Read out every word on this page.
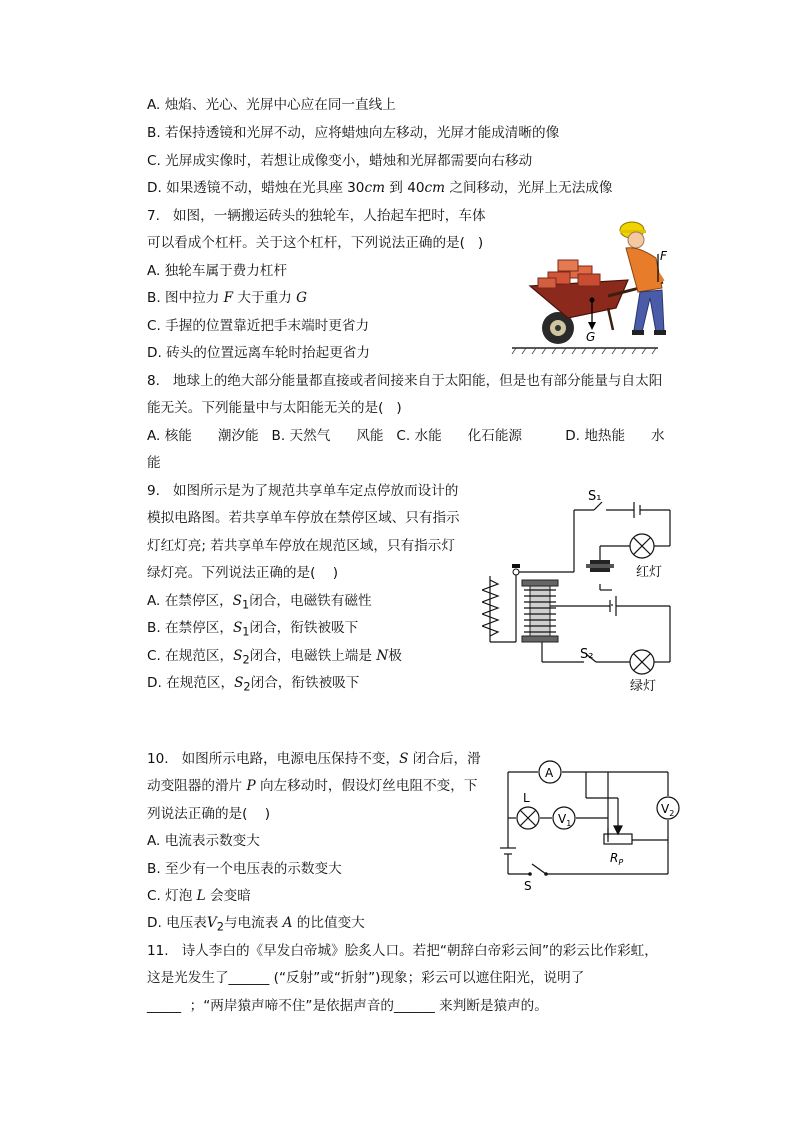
A. 烛焰、光心、光屏中心应在同一直线上
B. 若保持透镜和光屏不动，应将蜡烛向左移动，光屏才能成清晰的像
C. 光屏成实像时，若想让成像变小，蜡烛和光屏都需要向右移动
D. 如果透镜不动，蜡烛在光具座 30cm 到 40cm 之间移动，光屏上无法成像
7.   如图，一辆搬运砖头的独轮车，人抬起车把时，车体
可以看成个杠杆。关于这个杠杆，下列说法正确的是(   )
A. 独轮车属于费力杠杆
B. 图中拉力 F 大于重力 G
C. 手握的位置靠近把手末端时更省力
D. 砖头的位置远离车轮时抬起更省力
G
F
8.   地球上的绝大部分能量都直接或者间接来自于太阳能，但是也有部分能量与自太阳
能无关。下列能量中与太阳能无关的是(   )
A. 核能      潮汐能   B. 天然气      风能   C. 水能      化石能源          D. 地热能      水
能
9.   如图所示是为了规范共享单车定点停放而设计的
模拟电路图。若共享单车停放在禁停区域、只有指示
灯红灯亮; 若共享单车停放在规范区域，只有指示灯
绿灯亮。下列说法正确的是(    )
A. 在禁停区，$S_1$闭合，电磁铁有磁性
B. 在禁停区，$S_1$闭合，衔铁被吸下
C. 在规范区，$S_2$闭合，电磁铁上端是 N极
D. 在规范区，$S_2$闭合，衔铁被吸下
S₁
S₂
红灯
绿灯
10.   如图所示电路，电源电压保持不变，S 闭合后，滑
动变阻器的滑片 P 向左移动时，假设灯丝电阻不变，下
列说法正确的是(    )
A. 电流表示数变大
B. 至少有一个电压表的示数变大
C. 灯泡 L 会变暗
D. 电压表$V_2$与电流表 A 的比值变大
A
L
$V_1$
$V_2$
$R_P$
S
11.   诗人李白的《早发白帝城》脍炙人口。若把“朝辞白帝彩云间”的彩云比作彩虹，
这是光发生了______ (“反射”或“折射”)现象；彩云可以遮住阳光，说明了
_____  ；“两岸猿声啼不住”是依据声音的______ 来判断是猿声的。
